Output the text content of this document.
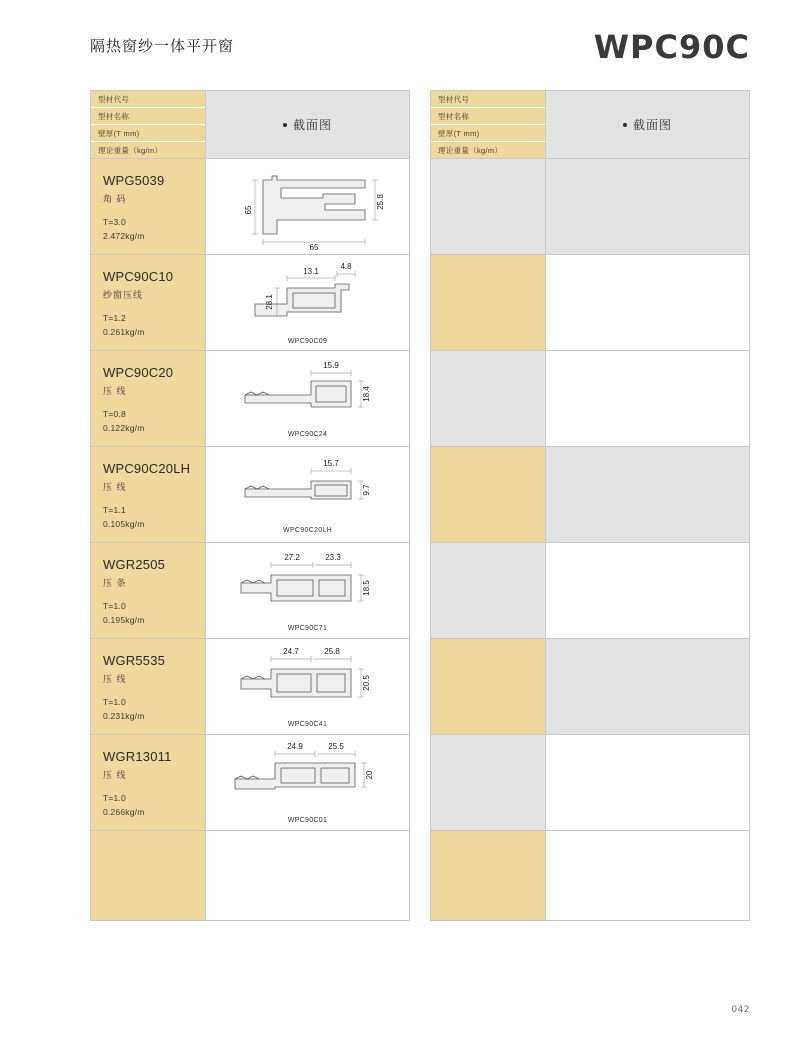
隔热窗纱一体平开窗	WPC90C
型材代号
型材名称
壁厚(T mm)
理论重量（kg/m）
截面图
WPG5039
角 码
T=3.0
2.472kg/m
65
65
25.8
WPC90C10
纱窗压线
T=1.2
0.261kg/m
13.1
4.8
28.1
WPC90C09
WPC90C20
压 线
T=0.8
0.122kg/m
15.9
18.4
WPC90C24
WPC90C20LH
压 线
T=1.1
0.105kg/m
15.7
9.7
WPC90C20LH
WGR2505
压 条
T=1.0
0.195kg/m
27.2	23.3
18.5
WPC90C71
WGR5535
压 线
T=1.0
0.231kg/m
24.7	25.8
20.5
WPC90C41
WGR13011
压 线
T=1.0
0.266kg/m
24.9	25.5
20
WPC90C01
型材代号
型材名称
壁厚(T mm)
理论重量（kg/m）
截面图
042
